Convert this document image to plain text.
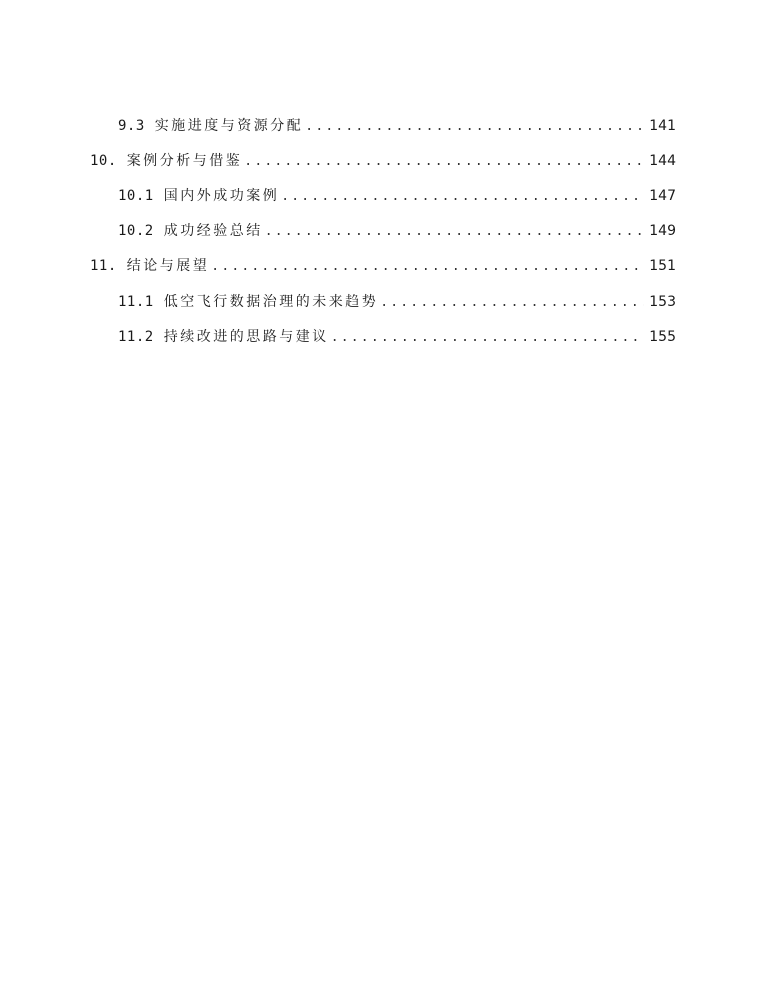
9.3 实施进度与资源分配 .....	141
10. 案例分析与借鉴 .....	144
10.1 国内外成功案例 .....	147
10.2 成功经验总结 .....	149
11. 结论与展望 .....	151
11.1 低空飞行数据治理的未来趋势 .....	153
11.2 持续改进的思路与建议 .....	155
